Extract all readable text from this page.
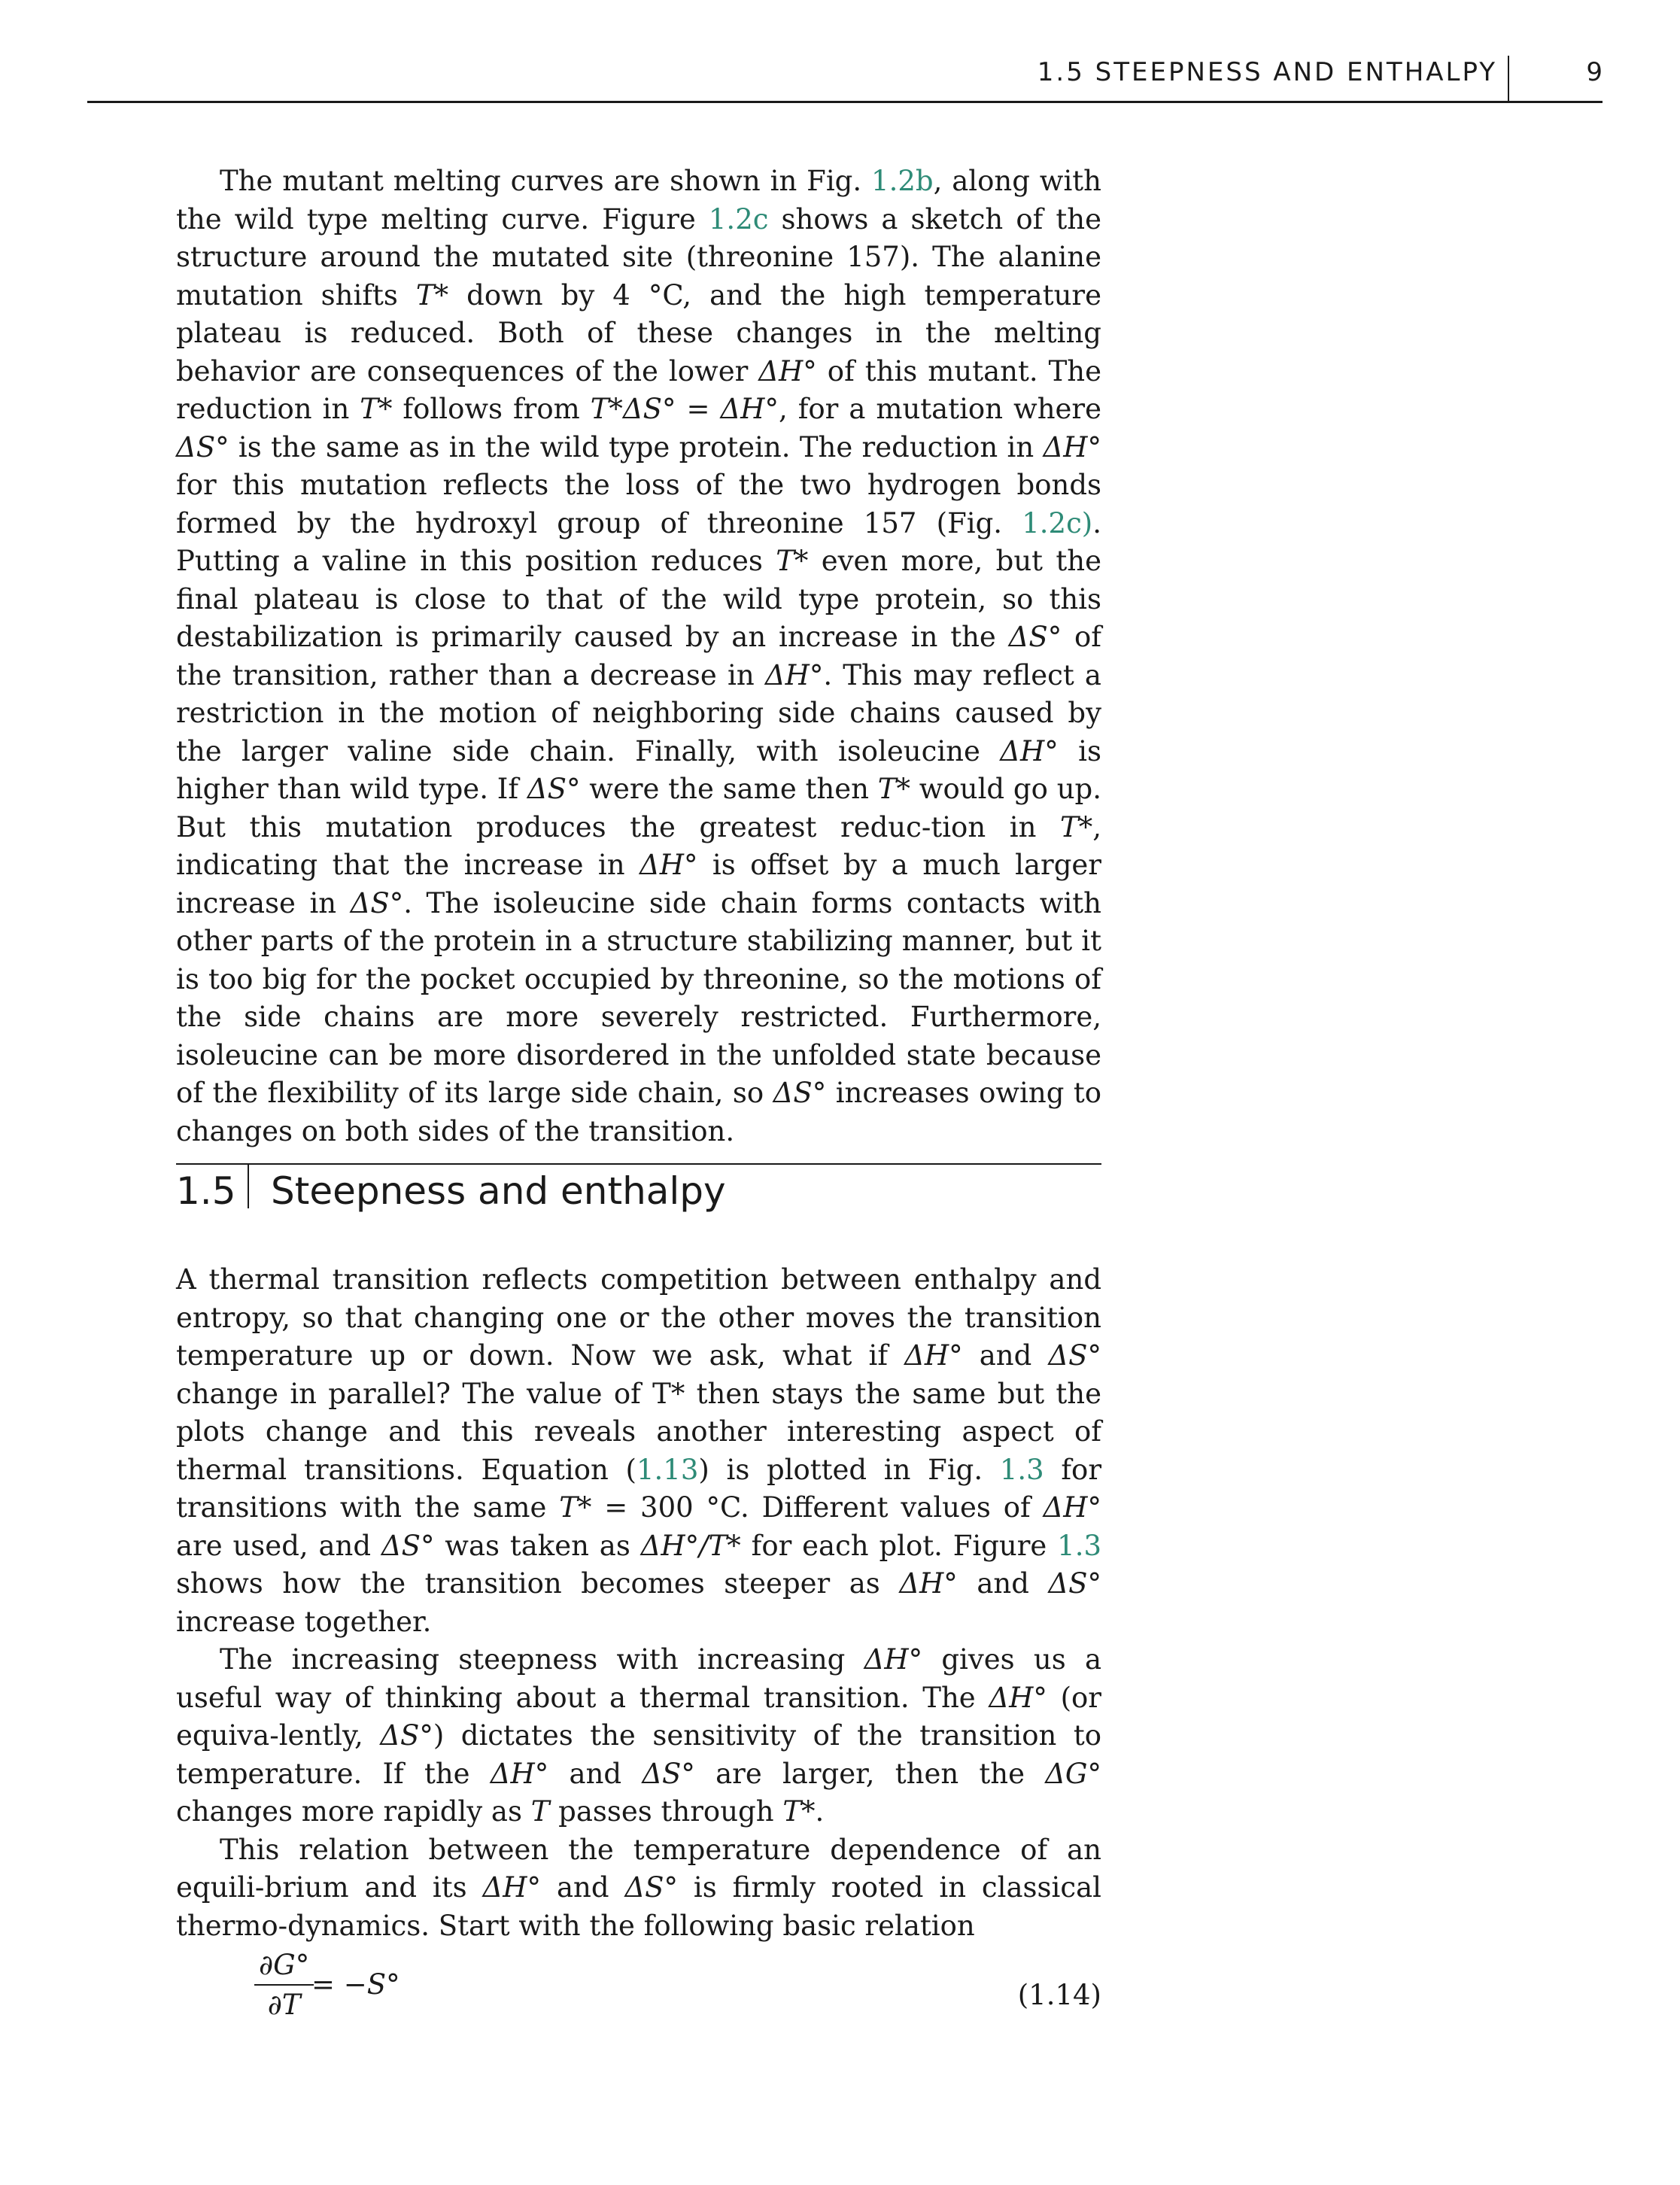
1.5 STEEPNESS AND ENTHALPY	9

The mutant melting curves are shown in Fig. 1.2b, along with the wild type melting curve. Figure 1.2c shows a sketch of the structure around the mutated site (threonine 157). The alanine mutation shifts T* down by 4 °C, and the high temperature plateau is reduced. Both of these changes in the melting behavior are consequences of the lower ΔH° of this mutant. The reduction in T* follows from T*ΔS° = ΔH°, for a mutation where ΔS° is the same as in the wild type protein. The reduction in ΔH° for this mutation reflects the loss of the two hydrogen bonds formed by the hydroxyl group of threonine 157 (Fig. 1.2c). Putting a valine in this position reduces T* even more, but the final plateau is close to that of the wild type protein, so this destabilization is primarily caused by an increase in the ΔS° of the transition, rather than a decrease in ΔH°. This may reflect a restriction in the motion of neighboring side chains caused by the larger valine side chain. Finally, with isoleucine ΔH° is higher than wild type. If ΔS° were the same then T* would go up. But this mutation produces the greatest reduc-tion in T*, indicating that the increase in ΔH° is offset by a much larger increase in ΔS°. The isoleucine side chain forms contacts with other parts of the protein in a structure stabilizing manner, but it is too big for the pocket occupied by threonine, so the motions of the side chains are more severely restricted. Furthermore, isoleucine can be more disordered in the unfolded state because of the flexibility of its large side chain, so ΔS° increases owing to changes on both sides of the transition.

1.5 Steepness and enthalpy

A thermal transition reflects competition between enthalpy and entropy, so that changing one or the other moves the transition temperature up or down. Now we ask, what if ΔH° and ΔS° change in parallel? The value of T* then stays the same but the plots change and this reveals another interesting aspect of thermal transitions. Equation (1.13) is plotted in Fig. 1.3 for transitions with the same T* = 300 °C. Different values of ΔH° are used, and ΔS° was taken as ΔH°/T* for each plot. Figure 1.3 shows how the transition becomes steeper as ΔH° and ΔS° increase together.

The increasing steepness with increasing ΔH° gives us a useful way of thinking about a thermal transition. The ΔH° (or equiva-lently, ΔS°) dictates the sensitivity of the transition to temperature. If the ΔH° and ΔS° are larger, then the ΔG° changes more rapidly as T passes through T*.

This relation between the temperature dependence of an equili-brium and its ΔH° and ΔS° is firmly rooted in classical thermo-dynamics. Start with the following basic relation

$\frac{\partial G^\circ}{\partial T}$
= −S°	(1.14)
